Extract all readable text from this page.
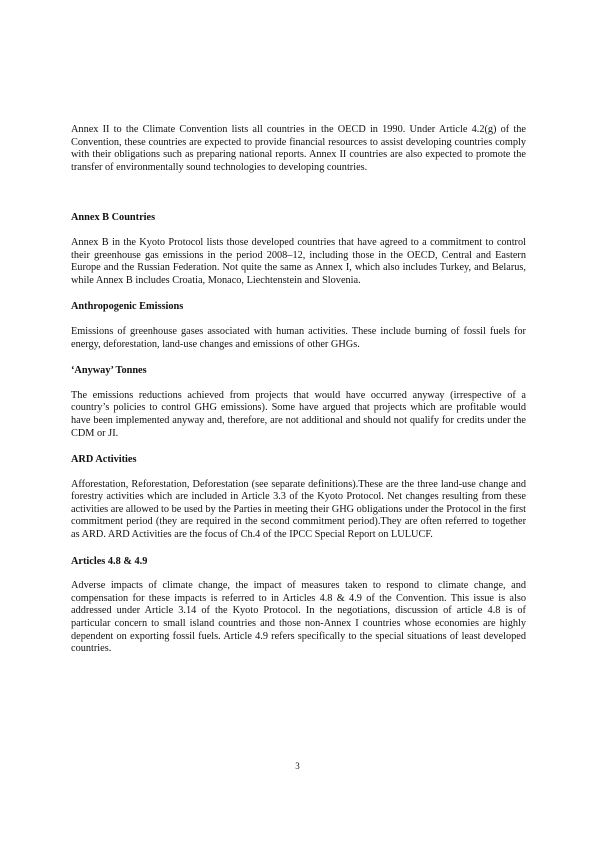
Annex II to the Climate Convention lists all countries in the OECD in 1990. Under Article 4.2(g) of the Convention, these countries are expected to provide financial resources to assist developing countries comply with their obligations such as preparing national reports. Annex II countries are also expected to promote the transfer of environmentally sound technologies to developing countries.

Annex B Countries

Annex B in the Kyoto Protocol lists those developed countries that have agreed to a commitment to control their greenhouse gas emissions in the period 2008–12, including those in the OECD, Central and Eastern Europe and the Russian Federation. Not quite the same as Annex I, which also includes Turkey, and Belarus, while Annex B includes Croatia, Monaco, Liechtenstein and Slovenia.

Anthropogenic Emissions

Emissions of greenhouse gases associated with human activities. These include burning of fossil fuels for energy, deforestation, land-use changes and emissions of other GHGs.

‘Anyway’ Tonnes

The emissions reductions achieved from projects that would have occurred anyway (irrespective of a country’s policies to control GHG emissions). Some have argued that projects which are profitable would have been implemented anyway and, therefore, are not additional and should not qualify for credits under the CDM or JI.

ARD Activities

Afforestation, Reforestation, Deforestation (see separate definitions).These are the three land-use change and forestry activities which are included in Article 3.3 of the Kyoto Protocol. Net changes resulting from these activities are allowed to be used by the Parties in meeting their GHG obligations under the Protocol in the first commitment period (they are required in the second commitment period).They are often referred to together as ARD. ARD Activities are the focus of Ch.4 of the IPCC Special Report on LULUCF.

Articles 4.8 & 4.9

Adverse impacts of climate change, the impact of measures taken to respond to climate change, and compensation for these impacts is referred to in Articles 4.8 & 4.9 of the Convention. This issue is also addressed under Article 3.14 of the Kyoto Protocol. In the negotiations, discussion of article 4.8 is of particular concern to small island countries and those non-Annex I countries whose economies are highly dependent on exporting fossil fuels. Article 4.9 refers specifically to the special situations of least developed countries.

3
